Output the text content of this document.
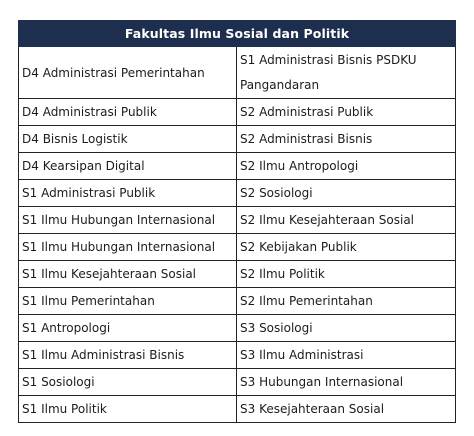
Fakultas Ilmu Sosial dan Politik	
D4 Administrasi Pemerintahan	S1 Administrasi Bisnis PSDKU Pangandaran
D4 Administrasi Publik	S2 Administrasi Publik
D4 Bisnis Logistik	S2 Administrasi Bisnis
D4 Kearsipan Digital	S2 Ilmu Antropologi
S1 Administrasi Publik	S2 Sosiologi
S1 Ilmu Hubungan Internasional	S2 Ilmu Kesejahteraan Sosial
S1 Ilmu Hubungan Internasional	S2 Kebijakan Publik
S1 Ilmu Kesejahteraan Sosial	S2 Ilmu Politik
S1 Ilmu Pemerintahan	S2 Ilmu Pemerintahan
S1 Antropologi	S3 Sosiologi
S1 Ilmu Administrasi Bisnis	S3 Ilmu Administrasi
S1 Sosiologi	S3 Hubungan Internasional
S1 Ilmu Politik	S3 Kesejahteraan Sosial
